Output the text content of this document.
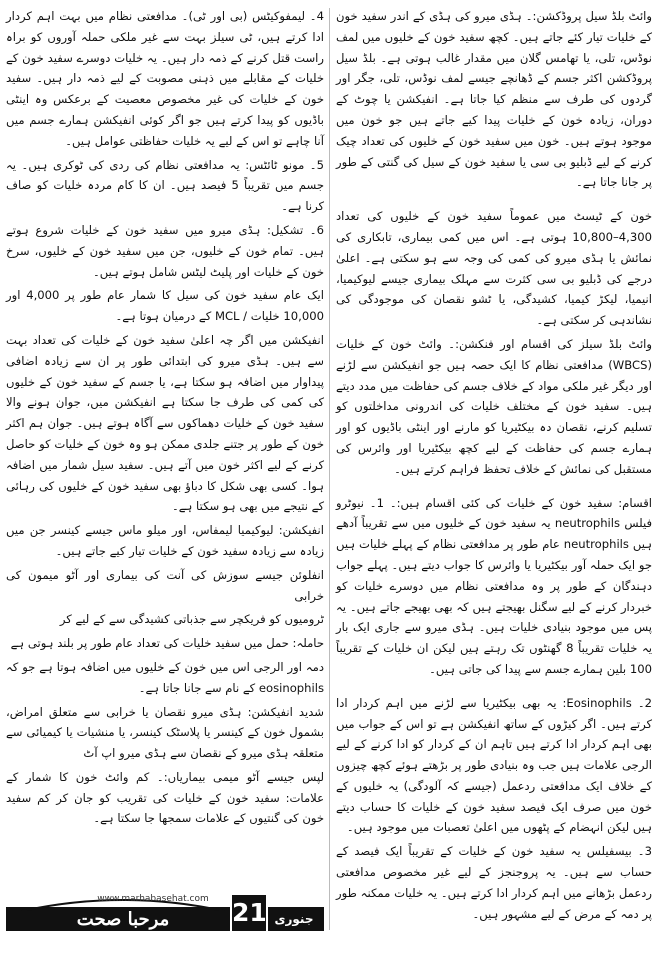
وائٹ بلڈ سیل پروڈکشن:۔ ہڈی میرو کی ہڈی کے اندر سفید خون کے خلیات تیار کئے جاتے ہیں۔ کچھ سفید خون کے خلیوں میں لمف نوڈس، تلی، یا تھامس گلان میں مقدار غالب ہوتی ہے۔ بلڈ سیل پروڈکشن اکثر جسم کے ڈھانچے جیسے لمف نوڈس، تلی، جگر اور گردوں کی طرف سے منظم کیا جاتا ہے۔ انفیکشن یا چوٹ کے دوران، زیادہ خون کے خلیات پیدا کیے جاتے ہیں جو خون میں موجود ہوتے ہیں۔ خون میں سفید خون کے خلیوں کی تعداد چیک کرنے کے لیے ڈبلیو بی سی یا سفید خون کے سیل کی گنتی کے طور پر جانا جاتا ہے۔

خون کے ٹیسٹ میں عموماً سفید خون کے خلیوں کی تعداد 4,300–10,800 ہوتی ہے۔ اس میں کمی بیماری، تابکاری کی نمائش یا ہڈی میرو کی کمی کی وجہ سے ہو سکتی ہے۔ اعلیٰ درجے کی ڈبلیو بی سی کثرت سے مہلک بیماری جیسے لیوکیمیا، انیمیا، لیکڑ کیمیا، کشیدگی، یا ٹشو نقصان کی موجودگی کی نشاندہی کر سکتی ہے۔

وائٹ بلڈ سیلز کی اقسام اور فنکشن:۔ وائٹ خون کے خلیات (WBCS) مدافعتی نظام کا ایک حصہ ہیں جو انفیکشن سے لڑنے اور دیگر غیر ملکی مواد کے خلاف جسم کی حفاظت میں مدد دیتے ہیں۔ سفید خون کے مختلف خلیات کی اندرونی مداخلتوں کو تسلیم کرنے، نقصان دہ بیکٹیریا کو مارنے اور اینٹی باڈیوں کو اور ہمارے جسم کی حفاظت کے لیے کچھ بیکٹیریا اور وائرس کی مستقبل کی نمائش کے خلاف تحفظ فراہم کرتے ہیں۔

اقسام: سفید خون کے خلیات کی کئی اقسام ہیں:۔ 1۔ نیوٹرو فیلس neutrophils یہ سفید خون کے خلیوں میں سے تقریباً آدھے ہیں neutrophils عام طور پر مدافعتی نظام کے پہلے خلیات ہیں جو ایک حملہ آور بیکٹیریا یا وائرس کا جواب دیتے ہیں۔ پہلے جواب دہندگان کے طور پر وہ مدافعتی نظام میں دوسرے خلیات کو خبردار کرنے کے لیے سگنل بھیجتے ہیں کہ بھی بھیجے جاتے ہیں۔ یہ پس میں موجود بنیادی خلیات ہیں۔ ہڈی میرو سے جاری ایک بار یہ خلیات تقریباً 8 گھنٹوں تک رہتے ہیں لیکن ان خلیات کے تقریباً 100 بلین ہمارے جسم سے پیدا کی جاتی ہیں۔

2۔ Eosinophils: یہ بھی بیکٹیریا سے لڑنے میں اہم کردار ادا کرتے ہیں۔ اگر کیڑوں کے ساتھ انفیکشن ہے تو اس کے جواب میں بھی اہم کردار ادا کرتے ہیں تاہم ان کے کردار کو ادا کرنے کے لیے الرجی علامات ہیں جب وہ بنیادی طور پر بڑھتے ہوئے کچھ چیزوں کے خلاف ایک مدافعتی ردعمل (جیسے کہ آلودگی) یہ خلیوں کے خون میں صرف ایک فیصد سفید خون کے خلیات کا حساب دیتے ہیں لیکن انہضام کے پٹھوں میں اعلیٰ تعصبات میں موجود ہیں۔

3۔ بیسفیلس یہ سفید خون کے خلیات کے تقریباً ایک فیصد کے حساب سے ہیں۔ یہ پروجنجز کے لیے غیر مخصوص مدافعتی ردعمل بڑھانے میں اہم کردار ادا کرتے ہیں۔ یہ خلیات ممکنہ طور پر دمہ کے مرض کے لیے مشہور ہیں۔

4۔ لیمفوکیٹس (بی اور ٹی)۔ مدافعتی نظام میں بہت اہم کردار ادا کرتے ہیں، ٹی سیلز بہت سے غیر ملکی حملہ آوروں کو براہ راست قتل کرنے کے ذمہ دار ہیں۔ یہ خلیات دوسرے سفید خون کے خلیات کے مقابلے میں ذہنی مصوبت کے لیے ذمہ دار ہیں۔ سفید خون کے خلیات کی غیر مخصوص معصیت کے برعکس وہ اینٹی باڈیوں کو پیدا کرتے ہیں جو اگر کوئی انفیکشن ہمارے جسم میں آنا چاہے تو اس کے لیے یہ خلیات حفاظتی عوامل ہیں۔

5۔ مونو ٹائٹس: یہ مدافعتی نظام کی ردی کی ٹوکری ہیں۔ یہ جسم میں تقریباً 5 فیصد ہیں۔ ان کا کام مردہ خلیات کو صاف کرنا ہے۔

6۔ تشکیل: ہڈی میرو میں سفید خون کے خلیات شروع ہوتے ہیں۔ تمام خون کے خلیوں، جن میں سفید خون کے خلیوں، سرخ خون کے خلیات اور پلیٹ لیٹس شامل ہوتے ہیں۔

ایک عام سفید خون کی سیل کا شمار عام طور پر 4,000 اور 10,000 خلیات / MCL کے درمیان ہوتا ہے۔

انفیکشن میں اگر چہ اعلیٰ سفید خون کے خلیات کی تعداد بہت سے ہیں۔ ہڈی میرو کی ابتدائی طور پر ان سے زیادہ اضافی پیداوار میں اضافہ ہو سکتا ہے، یا جسم کے سفید خون کے خلیوں کی کمی کی طرف جا سکتا ہے انفیکشن میں، جوان ہونے والا سفید خون کے خلیات دھماکوں سے آگاہ ہوتے ہیں۔ جوان ہم اکثر خون کے طور پر جتنے جلدی ممکن ہو وہ خون کے خلیات کو حاصل کرنے کے لیے اکثر خون میں آتے ہیں۔ سفید سیل شمار میں اضافہ ہوا۔ کسی بھی شکل کا دباؤ بھی سفید خون کے خلیوں کی رہائی کے نتیجے میں بھی ہو سکتا ہے۔

انفیکشن: لیوکیمیا لیمفاس، اور میلو ماس جیسے کینسر جن میں زیادہ سے زیادہ سفید خون کے خلیات تیار کیے جاتے ہیں۔

انفلوئن جیسے سوزش کی آنت کی بیماری اور آٹو میمون کی خرابی

ٹرومیوں کو فریکچر سے جذباتی کشیدگی سے کے لیے کر

حاملہ: حمل میں سفید خلیات کی تعداد عام طور پر بلند ہوتی ہے

دمہ اور الرجی اس میں خون کے خلیوں میں اضافہ ہوتا ہے جو کہ eosinophils کے نام سے جانا جاتا ہے۔

شدید انفیکشن: ہڈی میرو نقصان یا خرابی سے متعلق امراض، بشمول خون کے کینسر یا پلاسٹک کینسر، یا منشیات یا کیمیائی سے متعلقہ ہڈی میرو کے نقصان سے ہڈی میرو اپ آٹ

لپس جیسے آٹو میمی بیماریاں:۔ کم وائٹ خون کا شمار کے علامات: سفید خون کے خلیات کی تقریب کو جان کر کم سفید خون کی گنتیوں کے علامات سمجھا جا سکتا ہے۔

www.marhabasehat.com
مرحبا صحت	21 جنوری 2022ء
